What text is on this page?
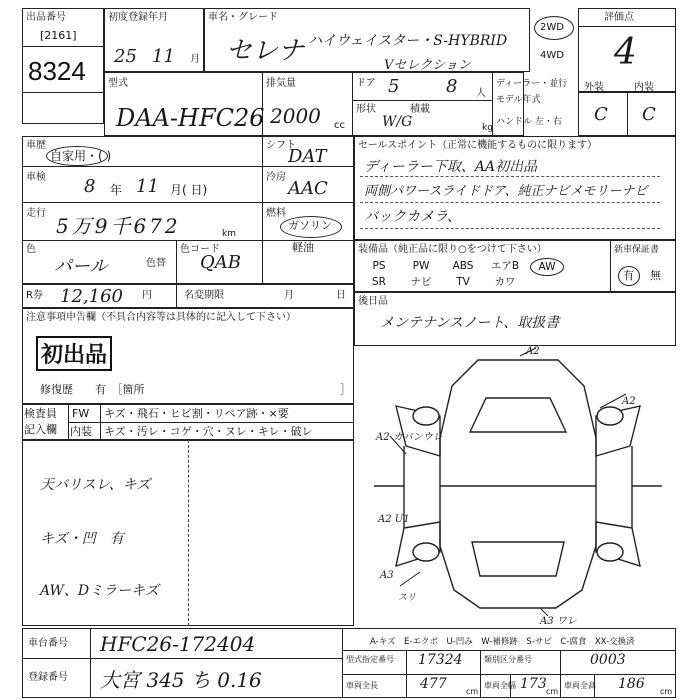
出品番号
[2161]
8324
初度登録年月
25 11 月
車名・グレード
セレナ ハイウェイスター・S-HYBRID
Vセレクション
2WD
4WD
評価点
4
型式
DAA-HFC26
排気量
2000 cc
ドア 5	8 人
形状
W/G
積載
kg
ディーラー・並行
モデル年式
ハンドル 左・右
外装	内装
C C
車歴
自家用・( )
車検 8 年 11 月( 日)
走行
5万9千672	km
色
パール
色コード
QAB
色替
シフト
DAT
冷房
AAC
燃料
ガソリン
軽油
セールスポイント（正常に機能するものに限ります）
ディーラー下取、AA初出品
両側パワースライドドア、純正ナビメモリーナビ
バックカメラ、
装備品（純正品に限り○をつけて下さい）	新車保証書
有 無
R券 12,160 円	名変期限	月	日
後日品
メンテナンスノート、取扱書
注意事項申告欄（不具合内容等は具体的に記入して下さい）
初出品
修復歴　　有　［箇所	］
検査員
記入欄
FW キズ・飛石・ヒビ割・リペア跡・×要
内装 キズ・汚レ・コゲ・穴・ヌレ・キレ・破レ
天バリスレ、キズ
キズ・凹　有
AW、Dミラーキズ
A2
A2
A2 カバンウレ
A2 U1
A3
A3 ワレ
スリ
A-キズ　E-エクボ　U-凹み　W-補修跡　S-サビ　C-腐食　XX-交換済
車台番号 HFC26-172404
登録番号 大宮 345 ち 0.16
型式指定番号 17324	類別区分番号	0003
車両全長	477 cm
車両全幅 173 cm
車両全高 186 cm
PS	PW	ABS	エアB	AW
SR	ナビ	TV	カワ
